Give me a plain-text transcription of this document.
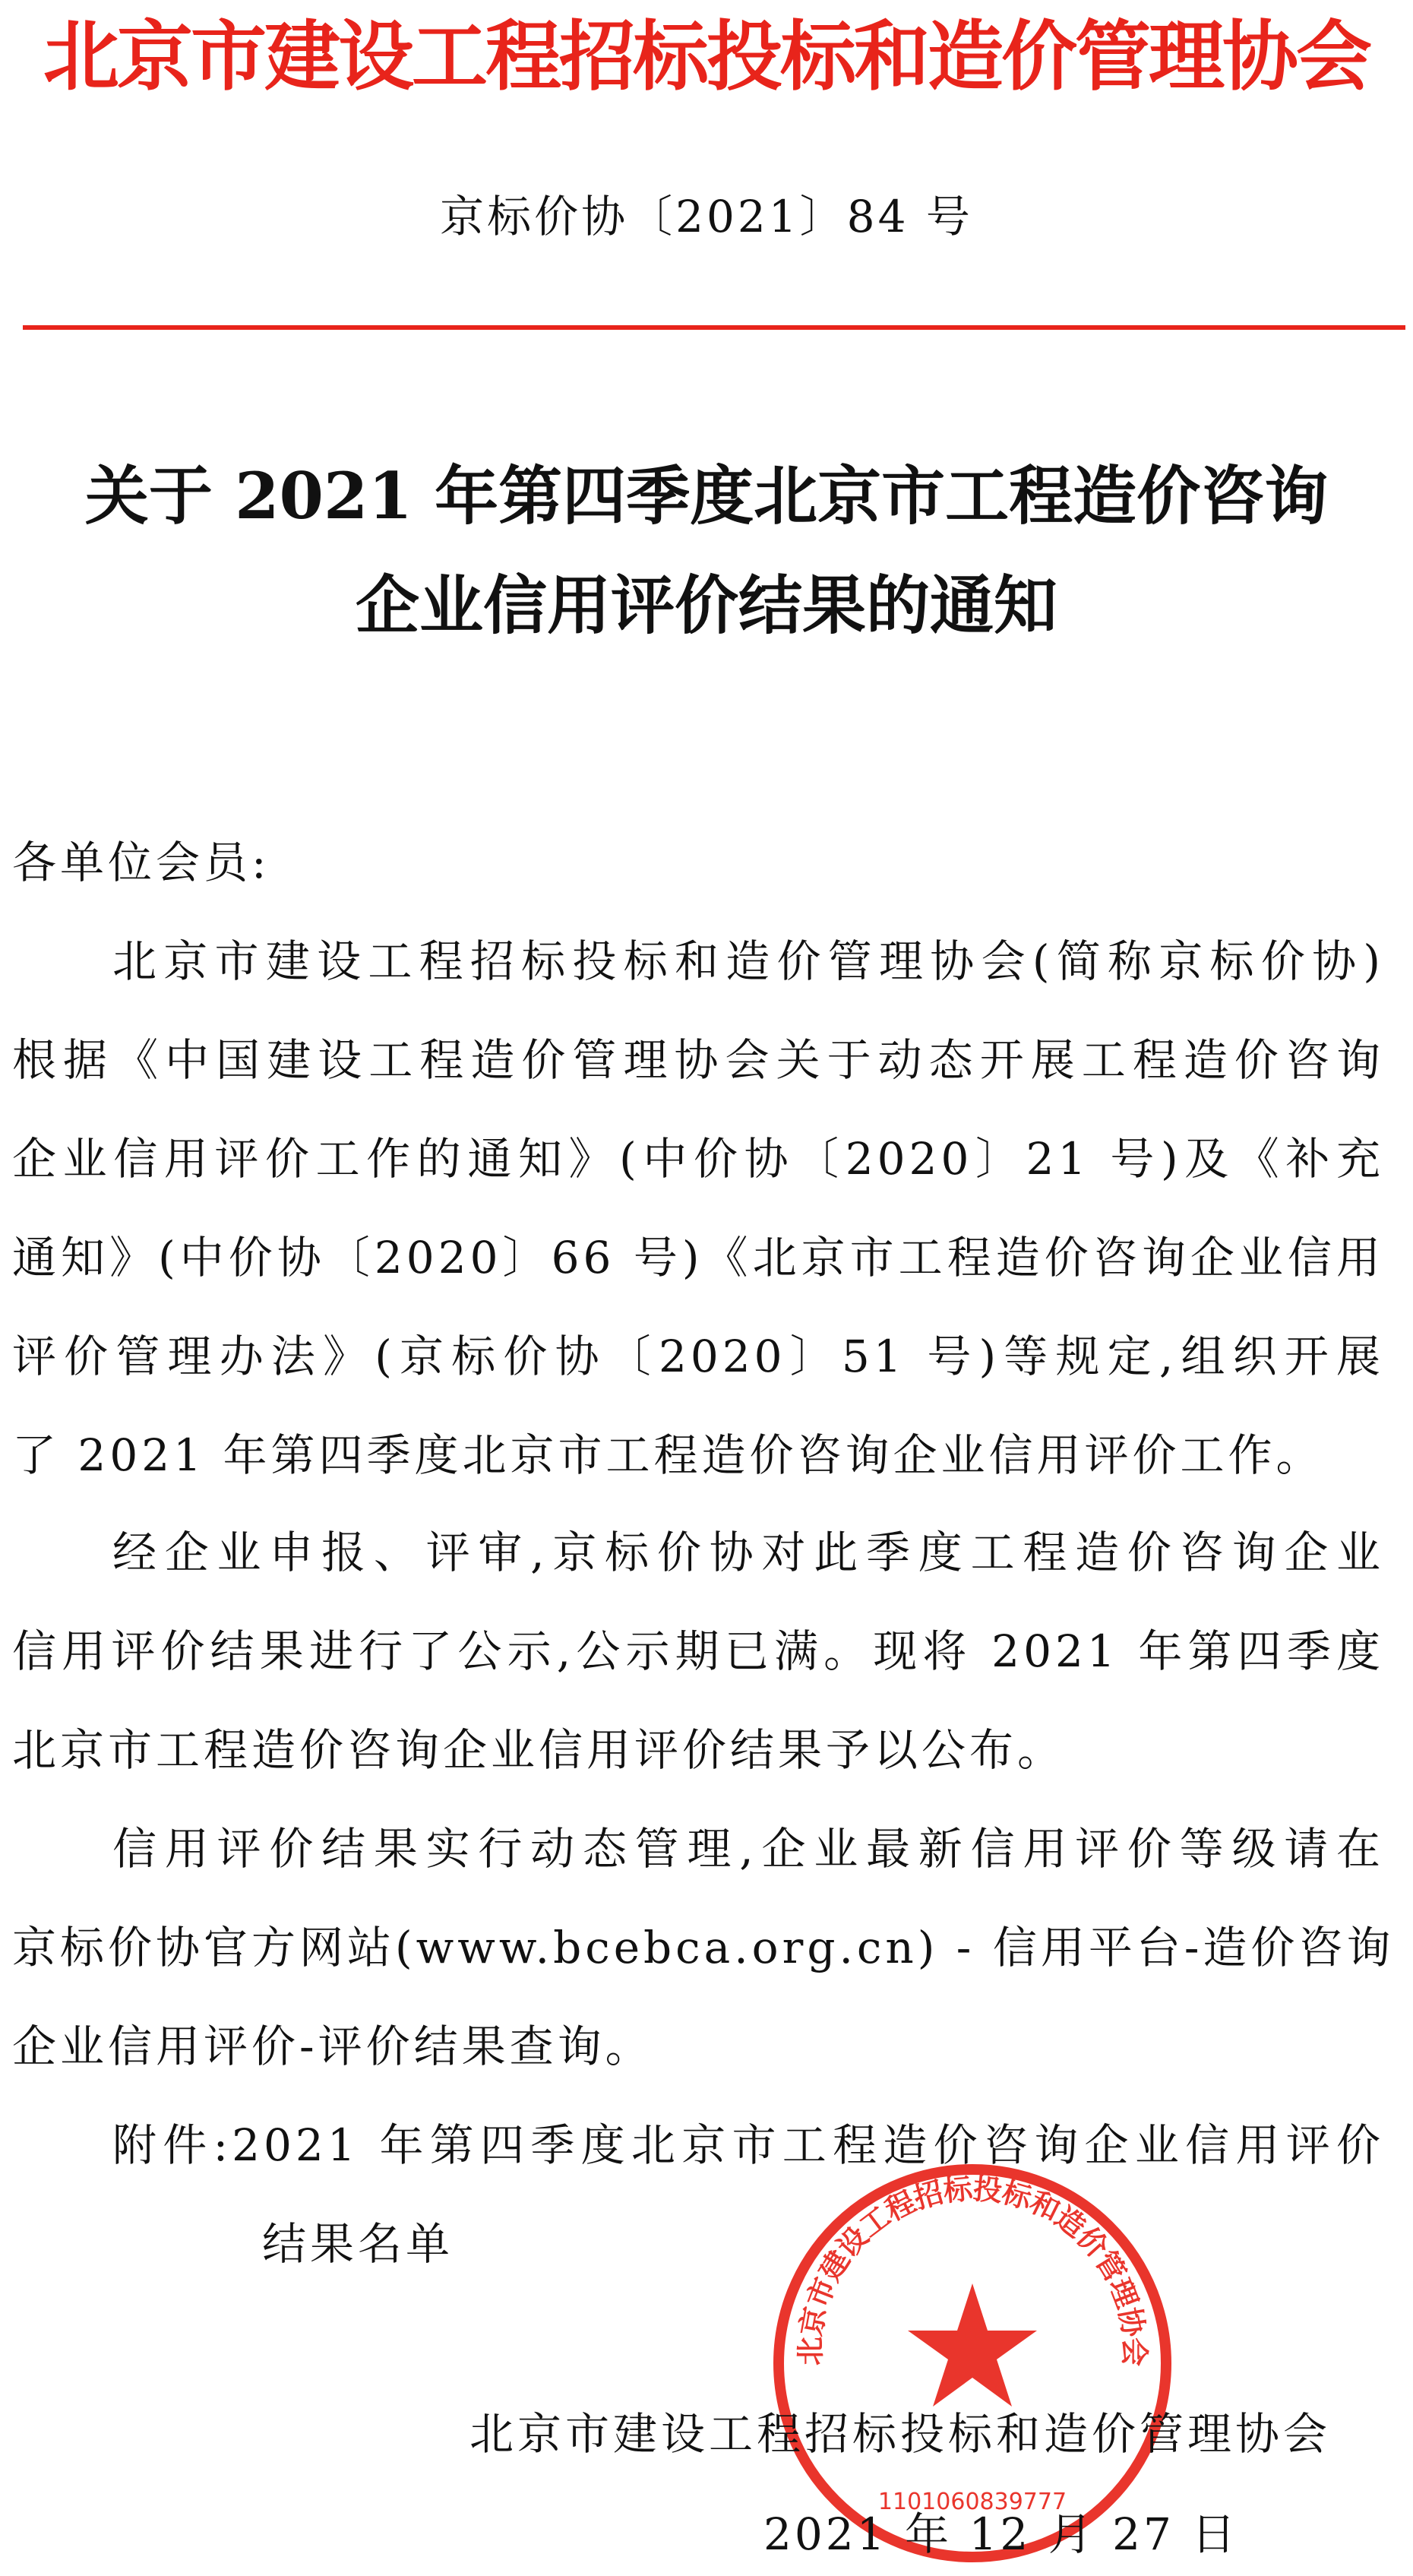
北京市建设工程招标投标和造价管理协会
京标价协〔2021〕84 号
关于 2021 年第四季度北京市工程造价咨询
企业信用评价结果的通知
各单位会员:
北京市建设工程招标投标和造价管理协会(简称京标价协)
根据《中国建设工程造价管理协会关于动态开展工程造价咨询
企业信用评价工作的通知》(中价协〔2020〕21 号)及《补充
通知》(中价协〔2020〕66 号)《北京市工程造价咨询企业信用
评价管理办法》(京标价协〔2020〕51 号)等规定,组织开展
了 2021 年第四季度北京市工程造价咨询企业信用评价工作。
经企业申报、评审,京标价协对此季度工程造价咨询企业
信用评价结果进行了公示,公示期已满。现将 2021 年第四季度
北京市工程造价咨询企业信用评价结果予以公布。
信用评价结果实行动态管理,企业最新信用评价等级请在
京标价协官方网站(www.bcebca.org.cn) - 信用平台-造价咨询
企业信用评价-评价结果查询。
附件:2021 年第四季度北京市工程造价咨询企业信用评价
结果名单
北京市建设工程招标投标和造价管理协会
1101060839777
北京市建设工程招标投标和造价管理协会
2021 年 12 月 27 日
